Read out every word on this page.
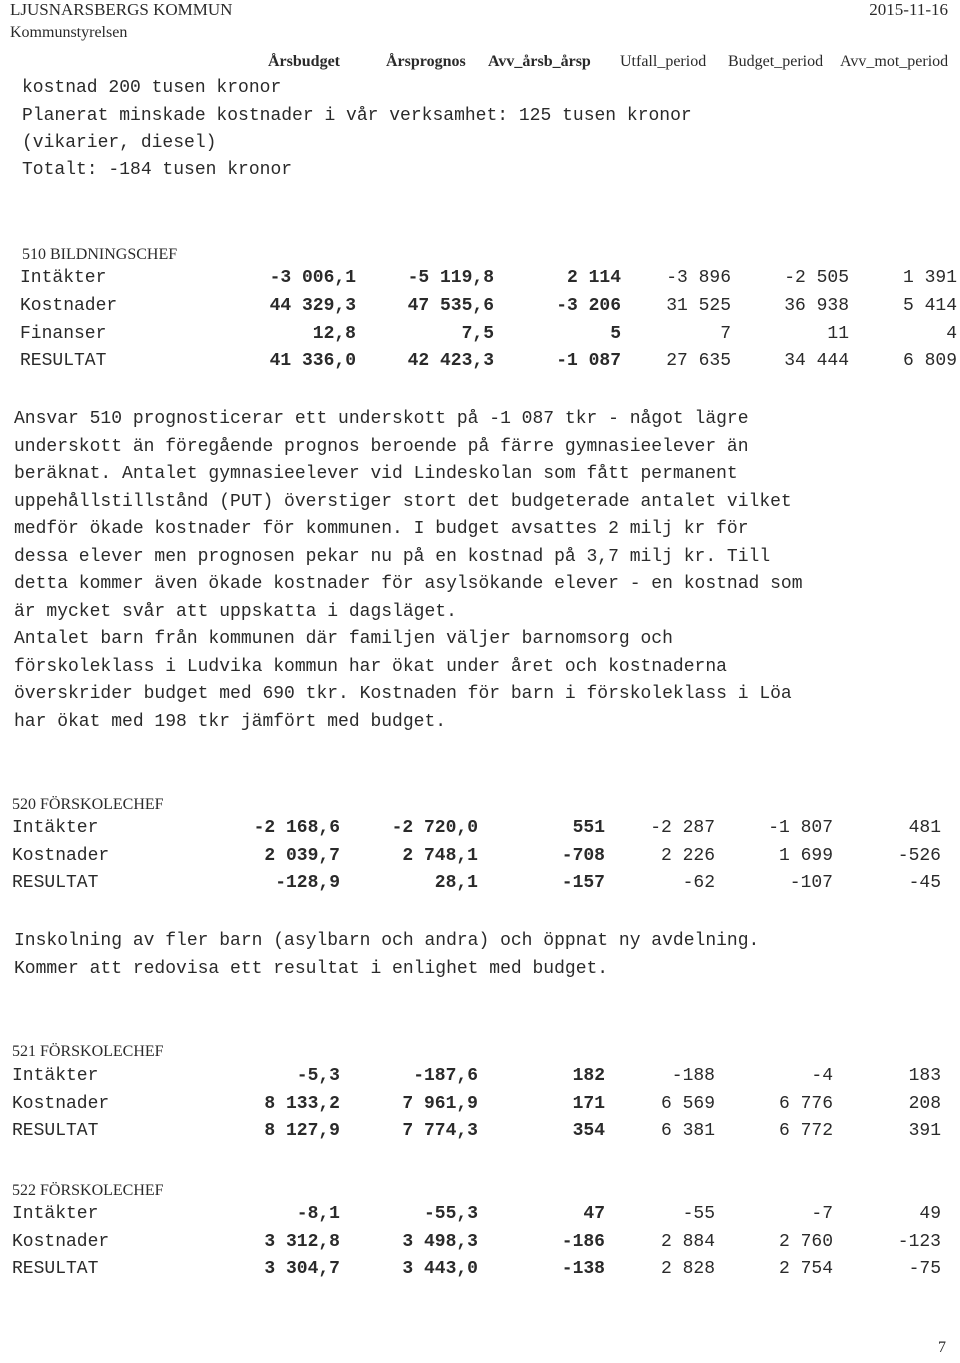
LJUSNARSBERGS KOMMUN
Kommunstyrelsen
2015-11-16
Årsbudget	Årsprognos Avv_årsb_årsp Utfall_period Budget_period Avv_mot_period
kostnad 200 tusen kronor
Planerat minskade kostnader i vår verksamhet: 125 tusen kronor
(vikarier, diesel)
Totalt: -184 tusen kronor
510 BILDNINGSCHEF
Intäkter	-3 006,1	-5 119,8	2 114	-3 896	-2 505	1 391
Kostnader	44 329,3	47 535,6	-3 206	31 525	36 938	5 414
Finanser	12,8	7,5	5	7	11	4
RESULTAT	41 336,0	42 423,3	-1 087	27 635	34 444	6 809
Ansvar 510 prognosticerar ett underskott på -1 087 tkr - något lägre
underskott än föregående prognos beroende på färre gymnasieelever än
beräknat. Antalet gymnasieelever vid Lindeskolan som fått permanent
uppehållstillstånd (PUT) överstiger stort det budgeterade antalet vilket
medför ökade kostnader för kommunen. I budget avsattes 2 milj kr för
dessa elever men prognosen pekar nu på en kostnad på 3,7 milj kr. Till
detta kommer även ökade kostnader för asylsökande elever - en kostnad som
är mycket svår att uppskatta i dagsläget.
Antalet barn från kommunen där familjen väljer barnomsorg och
förskoleklass i Ludvika kommun har ökat under året och kostnaderna
överskrider budget med 690 tkr. Kostnaden för barn i förskoleklass i Löa
har ökat med 198 tkr jämfört med budget.
520 FÖRSKOLECHEF
Intäkter	-2 168,6	-2 720,0	551	-2 287	-1 807	481
Kostnader	2 039,7	2 748,1	-708	2 226	1 699	-526
RESULTAT	-128,9	28,1	-157	-62	-107	-45
Inskolning av fler barn (asylbarn och andra) och öppnat ny avdelning.
Kommer att redovisa ett resultat i enlighet med budget.
521 FÖRSKOLECHEF
Intäkter	-5,3	-187,6	182	-188	-4	183
Kostnader	8 133,2	7 961,9	171	6 569	6 776	208
RESULTAT	8 127,9	7 774,3	354	6 381	6 772	391
522 FÖRSKOLECHEF
Intäkter	-8,1	-55,3	47	-55	-7	49
Kostnader	3 312,8	3 498,3	-186	2 884	2 760	-123
RESULTAT	3 304,7	3 443,0	-138	2 828	2 754	-75
7
